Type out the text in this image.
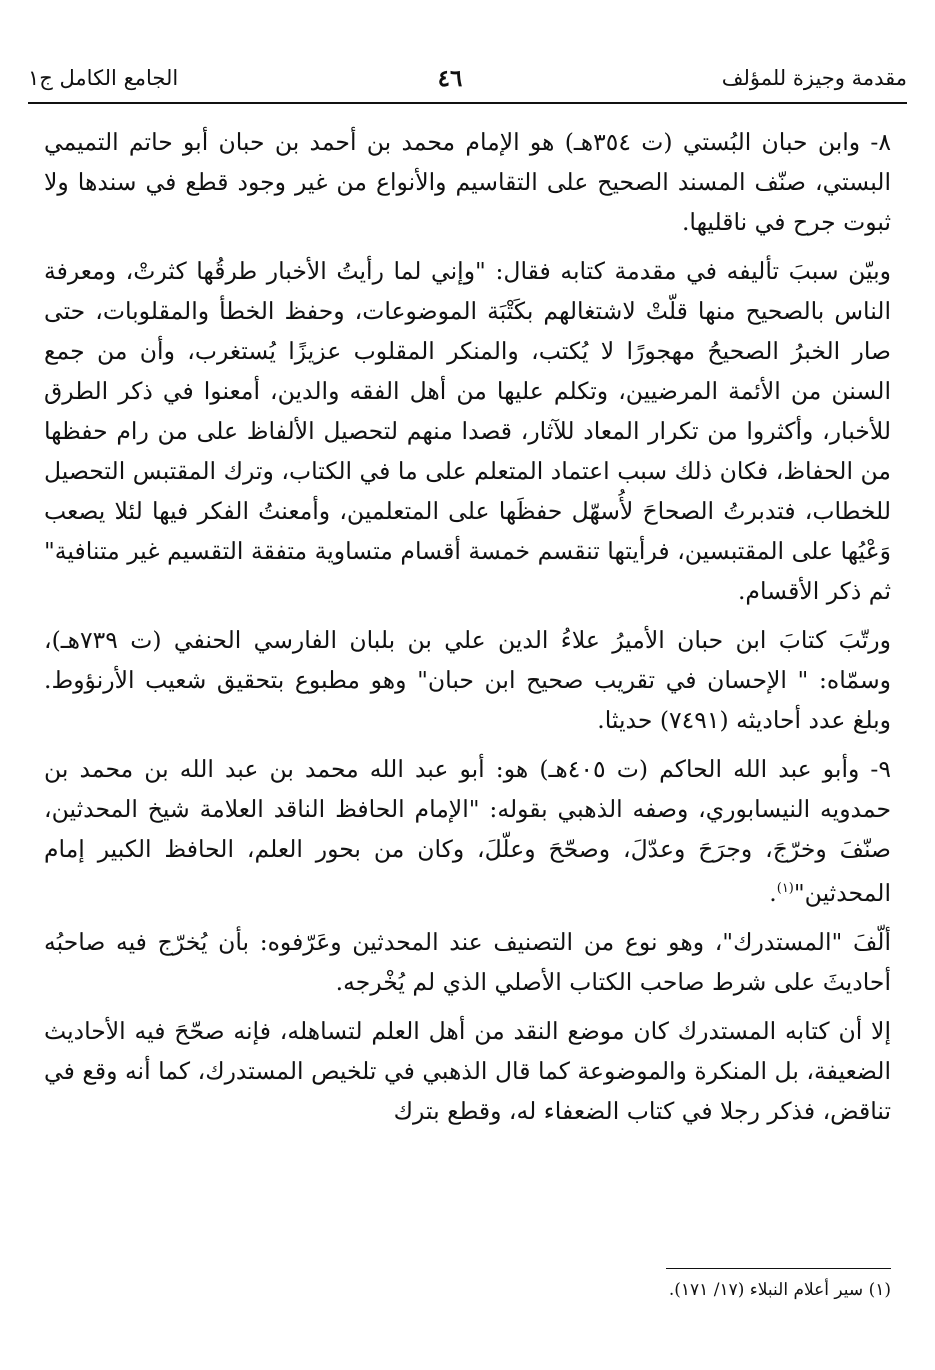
الجامع الكامل ج١	٤٦	مقدمة وجيزة للمؤلف

٨- وابن حبان البُستي (ت ٣٥٤هـ) هو الإمام محمد بن أحمد بن حبان أبو حاتم التميمي البستي، صنّف المسند الصحيح على التقاسيم والأنواع من غير وجود قطع في سندها ولا ثبوت جرح في ناقليها.

وبيّن سببَ تأليفه في مقدمة كتابه فقال: "وإني لما رأيتُ الأخبار طرقُها كثرتْ، ومعرفة الناس بالصحيح منها قلّتْ لاشتغالهم بكَتْبَة الموضوعات، وحفظ الخطأ والمقلوبات، حتى صار الخبرُ الصحيحُ مهجورًا لا يُكتب، والمنكر المقلوب عزيزًا يُستغرب، وأن من جمع السنن من الأئمة المرضيين، وتكلم عليها من أهل الفقه والدين، أمعنوا في ذكر الطرق للأخبار، وأكثروا من تكرار المعاد للآثار، قصدا منهم لتحصيل الألفاظ على من رام حفظها من الحفاظ، فكان ذلك سبب اعتماد المتعلم على ما في الكتاب، وترك المقتبس التحصيل للخطاب، فتدبرتُ الصحاحَ لأُسهّل حفظَها على المتعلمين، وأمعنتُ الفكر فيها لئلا يصعب وَعْيُها على المقتبسين، فرأيتها تنقسم خمسة أقسام متساوية متفقة التقسيم غير متنافية" ثم ذكر الأقسام.

ورتّبَ كتابَ ابن حبان الأميرُ علاءُ الدين علي بن بلبان الفارسي الحنفي (ت ٧٣٩هـ)، وسمّاه: " الإحسان في تقريب صحيح ابن حبان" وهو مطبوع بتحقيق شعيب الأرنؤوط. وبلغ عدد أحاديثه (٧٤٩١) حديثا.

٩- وأبو عبد الله الحاكم (ت ٤٠٥هـ) هو: أبو عبد الله محمد بن عبد الله بن محمد بن حمدويه النيسابوري، وصفه الذهبي بقوله: "الإمام الحافظ الناقد العلامة شيخ المحدثين، صنّفَ وخرّجَ، وجرَحَ وعدّلَ، وصحّحَ وعلّلَ، وكان من بحور العلم، الحافظ الكبير إمام المحدثين"$^{(١)}$.

ألّفَ "المستدرك"، وهو نوع من التصنيف عند المحدثين وعَرّفوه: بأن يُخرّج فيه صاحبُه أحاديثَ على شرط صاحب الكتاب الأصلي الذي لم يُخْرجه.

إلا أن كتابه المستدرك كان موضع النقد من أهل العلم لتساهله، فإنه صحّحَ فيه الأحاديث الضعيفة، بل المنكرة والموضوعة كما قال الذهبي في تلخيص المستدرك، كما أنه وقع في تناقض، فذكر رجلا في كتاب الضعفاء له، وقطع بترك

(١) سير أعلام النبلاء (١٧/ ١٧١).
